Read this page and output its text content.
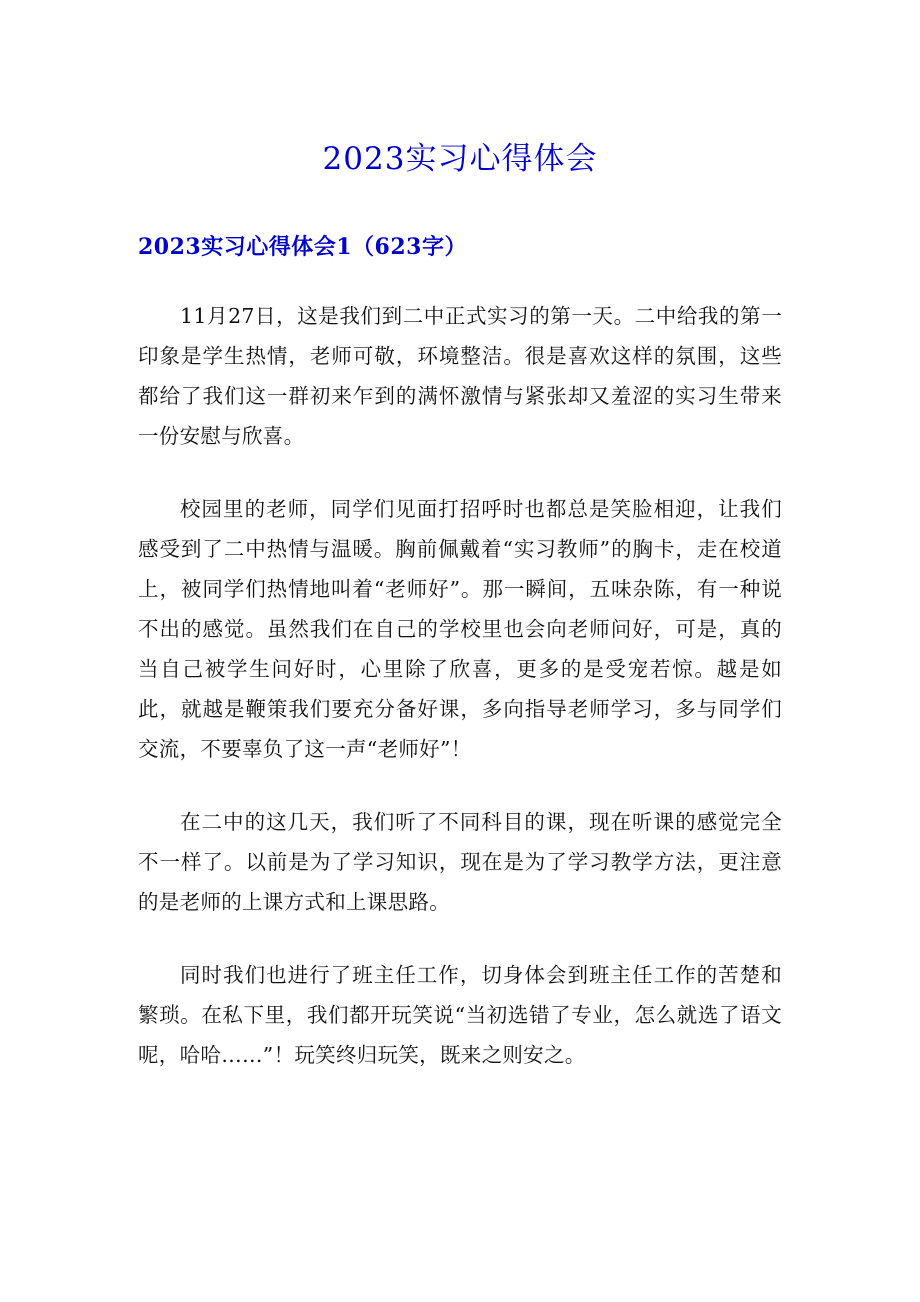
2023实习心得体会
2023实习心得体会1（623字）

11月27日，这是我们到二中正式实习的第一天。二中给我的第一印象是学生热情，老师可敬，环境整洁。很是喜欢这样的氛围，这些都给了我们这一群初来乍到的满怀激情与紧张却又羞涩的实习生带来一份安慰与欣喜。

校园里的老师，同学们见面打招呼时也都总是笑脸相迎，让我们感受到了二中热情与温暖。胸前佩戴着“实习教师”的胸卡，走在校道上，被同学们热情地叫着“老师好”。那一瞬间，五味杂陈，有一种说不出的感觉。虽然我们在自己的学校里也会向老师问好，可是，真的当自己被学生问好时，心里除了欣喜，更多的是受宠若惊。越是如此，就越是鞭策我们要充分备好课，多向指导老师学习，多与同学们交流，不要辜负了这一声“老师好”！

在二中的这几天，我们听了不同科目的课，现在听课的感觉完全不一样了。以前是为了学习知识，现在是为了学习教学方法，更注意的是老师的上课方式和上课思路。

同时我们也进行了班主任工作，切身体会到班主任工作的苦楚和繁琐。在私下里，我们都开玩笑说“当初选错了专业，怎么就选了语文呢，哈哈……”！玩笑终归玩笑，既来之则安之。
